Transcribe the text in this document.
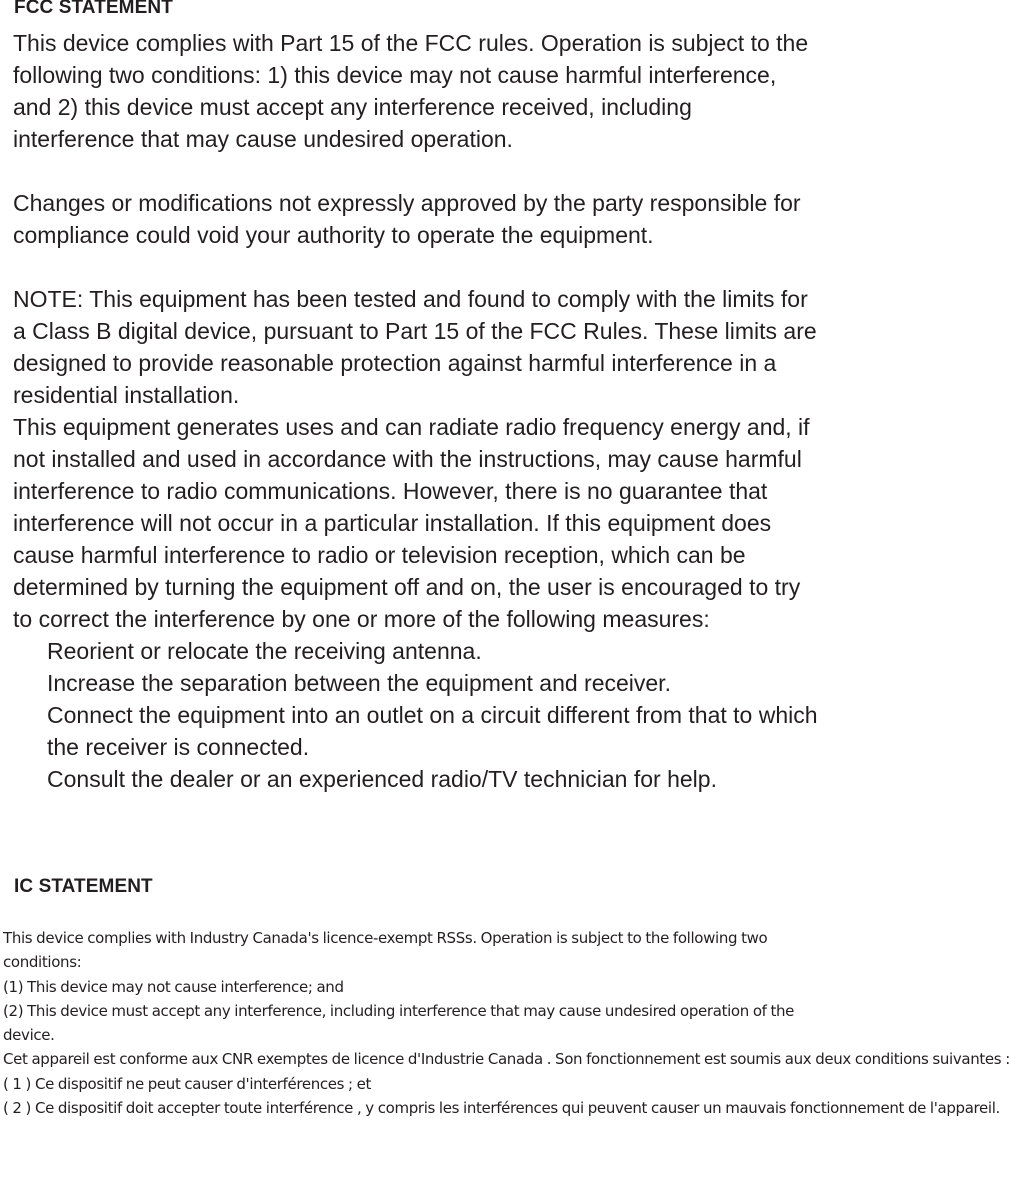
FCC STATEMENT

This device complies with Part 15 of the FCC rules. Operation is subject to the
following two conditions: 1) this device may not cause harmful interference,
and 2) this device must accept any interference received, including
interference that may cause undesired operation.

Changes or modifications not expressly approved by the party responsible for
compliance could void your authority to operate the equipment.

NOTE: This equipment has been tested and found to comply with the limits for
a Class B digital device, pursuant to Part 15 of the FCC Rules. These limits are
designed to provide reasonable protection against harmful interference in a
residential installation.

This equipment generates uses and can radiate radio frequency energy and, if
not installed and used in accordance with the instructions, may cause harmful
interference to radio communications. However, there is no guarantee that
interference will not occur in a particular installation. If this equipment does
cause harmful interference to radio or television reception, which can be
determined by turning the equipment off and on, the user is encouraged to try
to correct the interference by one or more of the following measures:

Reorient or relocate the receiving antenna.

Increase the separation between the equipment and receiver.

Connect the equipment into an outlet on a circuit different from that to which
the receiver is connected.

Consult the dealer or an experienced radio/TV technician for help.

IC STATEMENT

This device complies with Industry Canada's licence-exempt RSSs. Operation is subject to the following two
conditions:

(1) This device may not cause interference; and

(2) This device must accept any interference, including interference that may cause undesired operation of the
device.

Cet appareil est conforme aux CNR exemptes de licence d'Industrie Canada . Son fonctionnement est soumis aux deux conditions suivantes :

( 1 ) Ce dispositif ne peut causer d'interférences ; et

( 2 ) Ce dispositif doit accepter toute interférence , y compris les interférences qui peuvent causer un mauvais fonctionnement de l'appareil.
